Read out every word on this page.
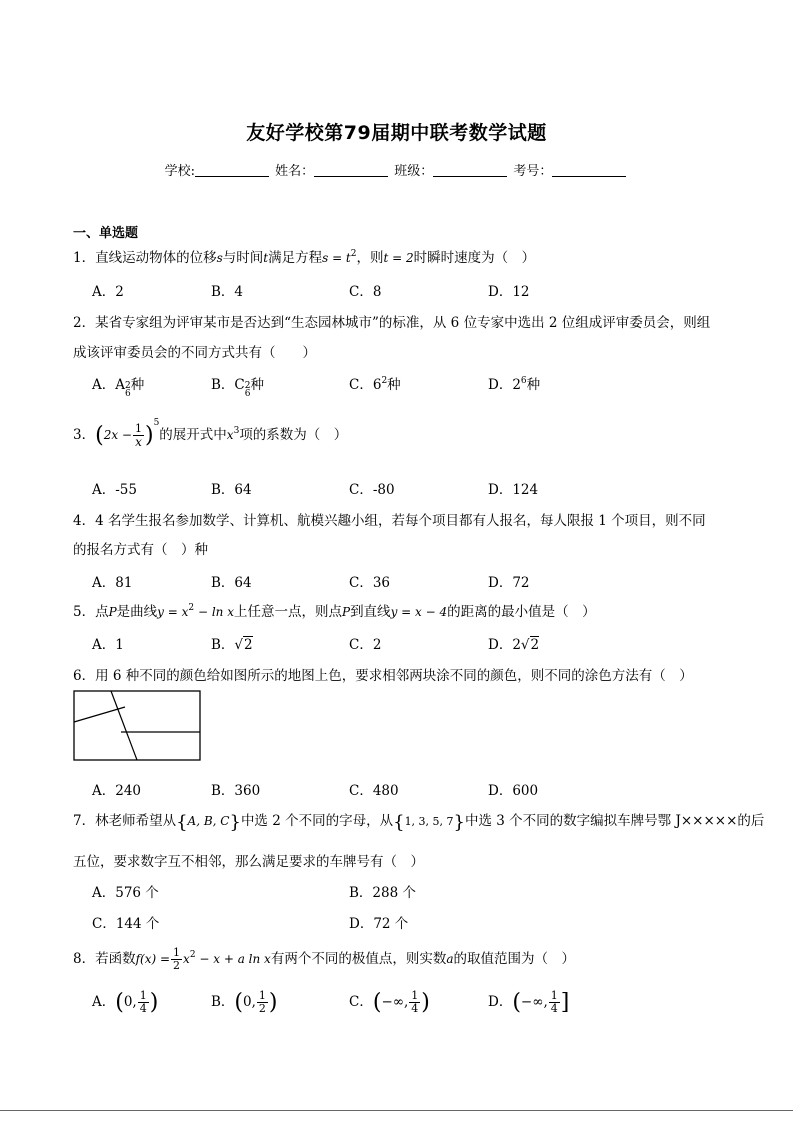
友好学校第79届期中联考数学试题
学校:	姓名：	班级：	考号：
一、单选题
1．直线运动物体的位移s与时间t满足方程$s = t^2$，则t = 2时瞬时速度为（　）
A．2	B．4	C．8	D．12
2．某省专家组为评审某市是否达到“生态园林城市”的标准，从 6 位专家中选出 2 位组成评审委员会，则组
成该评审委员会的不同方式共有（　　）
A．A 2
6
种	B．C 2
6
种	C．$6^2$种	D．$2^6$种
3．$(2x - \frac{1}{x} )^5$的展开式中$x^3$项的系数为（　）
A．-55	B．64	C．-80	D．124
4．4 名学生报名参加数学、计算机、航模兴趣小组，若每个项目都有人报名，每人限报 1 个项目，则不同
的报名方式有（　）种
A．81	B．64	C．36	D．72
5．点P是曲线$y = x^2 - \ln x$上任意一点，则点P到直线y = x − 4的距离的最小值是（　）
A．1	B．√2	C．2	D．2√2
6．用 6 种不同的颜色给如图所示的地图上色，要求相邻两块涂不同的颜色，则不同的涂色方法有（　）
A．240	B．360	C．480	D．600
7．林老师希望从{A, B, C}中选 2 个不同的字母，从{1, 3, 5, 7}中选 3 个不同的数字编拟车牌号鄂 J×××××的后
五位，要求数字互不相邻，那么满足要求的车牌号有（　）
A．576 个	B．288 个
C．144 个	D．72 个
8．若函数$f(x) = \frac{1}{2} x^2 - x + a$ ln x有两个不同的极值点，则实数a的取值范围为（　）
A．(0, $\frac{1}{4}$ )	B．(0, $\frac{1}{2}$ )	C．(−∞, $\frac{1}{4}$ )	D．(−∞, $\frac{1}{4}$ ]
